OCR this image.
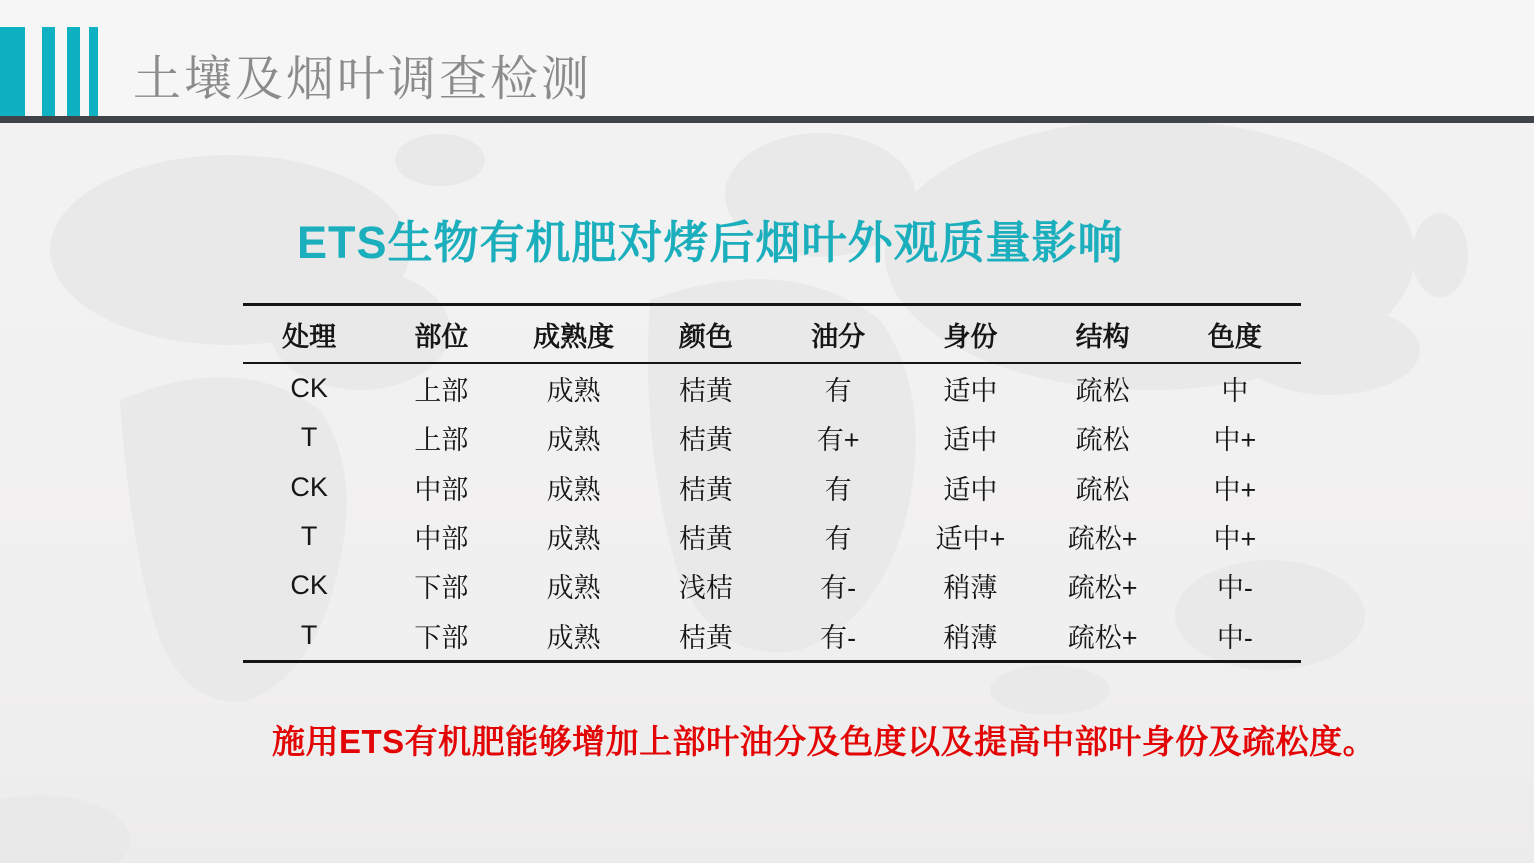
土壤及烟叶调查检测
ETS生物有机肥对烤后烟叶外观质量影响
处理	部位	成熟度	颜色	油分	身份	结构	色度
CK	上部	成熟	桔黄	有	适中	疏松	中
T	上部	成熟	桔黄	有+	适中	疏松	中+
CK	中部	成熟	桔黄	有	适中	疏松	中+
T	中部	成熟	桔黄	有	适中+	疏松+	中+
CK	下部	成熟	浅桔	有-	稍薄	疏松+	中-
T	下部	成熟	桔黄	有-	稍薄	疏松+	中-

施用ETS有机肥能够增加上部叶油分及色度以及提高中部叶身份及疏松度。
